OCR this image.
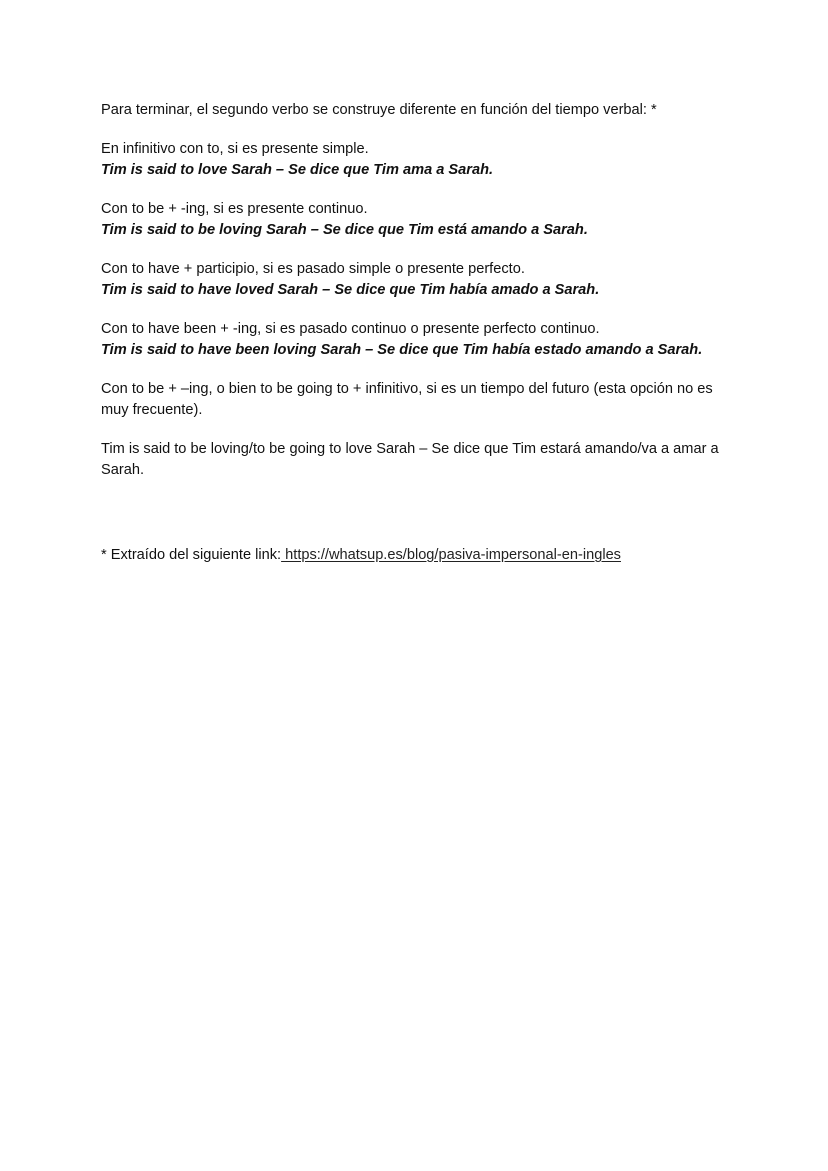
Para terminar, el segundo verbo se construye diferente en función del tiempo verbal: *

En infinitivo con to, si es presente simple.
Tim is said to love Sarah – Se dice que Tim ama a Sarah.
Con to be + -ing, si es presente continuo.
Tim is said to be loving Sarah – Se dice que Tim está amando a Sarah.
Con to have + participio, si es pasado simple o presente perfecto.
Tim is said to have loved Sarah – Se dice que Tim había amado a Sarah.
Con to have been + -ing, si es pasado continuo o presente perfecto continuo.
Tim is said to have been loving Sarah – Se dice que Tim había estado amando a Sarah.

Con to be + –ing, o bien to be going to + infinitivo, si es un tiempo del futuro (esta opción no es muy frecuente).

Tim is said to be loving/to be going to love Sarah – Se dice que Tim estará amando/va a amar a Sarah.

* Extraído del siguiente link: https://whatsup.es/blog/pasiva-impersonal-en-ingles
